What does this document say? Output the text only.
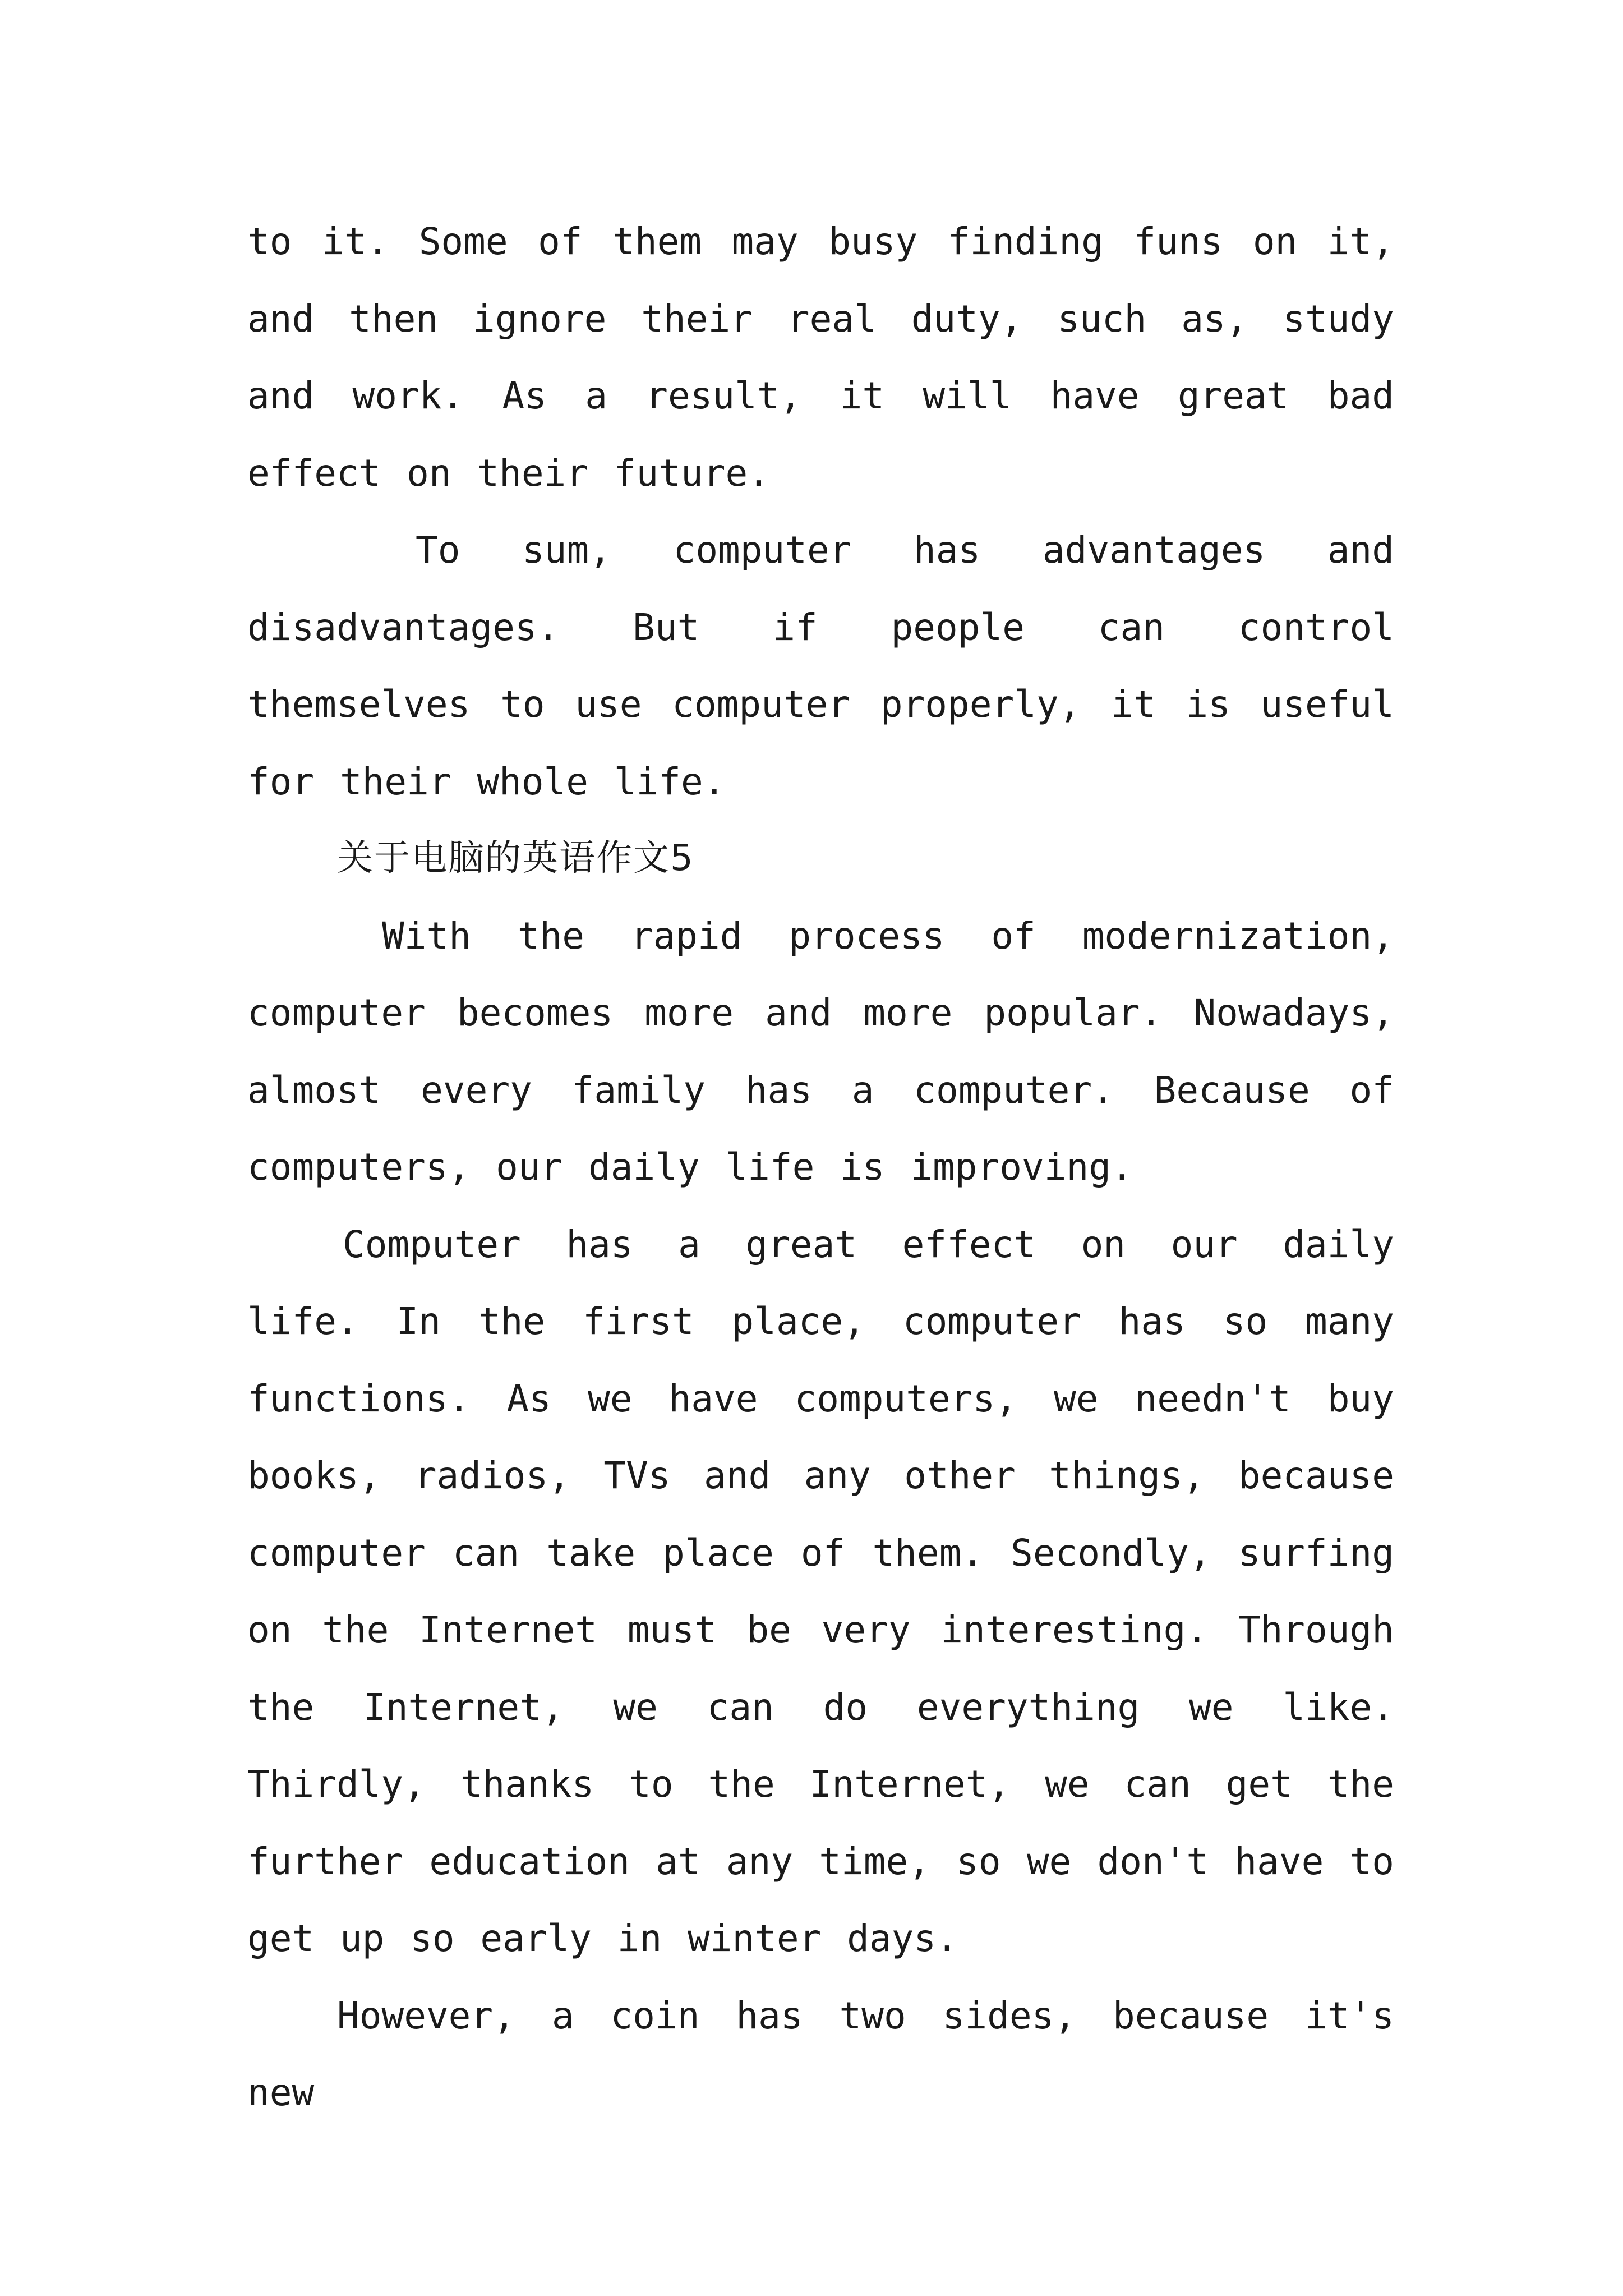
to it. Some of them may busy finding funs on it, and then ignore their real duty, such as, study and work. As a result, it will have great bad effect on their future.

To sum, computer has advantages and disadvantages. But if people can control themselves to use computer properly, it is useful for their whole life.

关于电脑的英语作文5

With the rapid process of modernization, computer becomes more and more popular. Nowadays, almost every family has a computer. Because of computers, our daily life is improving.

Computer has a great effect on our daily life. In the first place, computer has so many functions. As we have computers, we needn't buy books, radios, TVs and any other things, because computer can take place of them. Secondly, surfing on the Internet must be very interesting. Through the Internet, we can do everything we like. Thirdly, thanks to the Internet, we can get the further education at any time, so we don't have to get up so early in winter days.

However, a coin has two sides, because it's new
